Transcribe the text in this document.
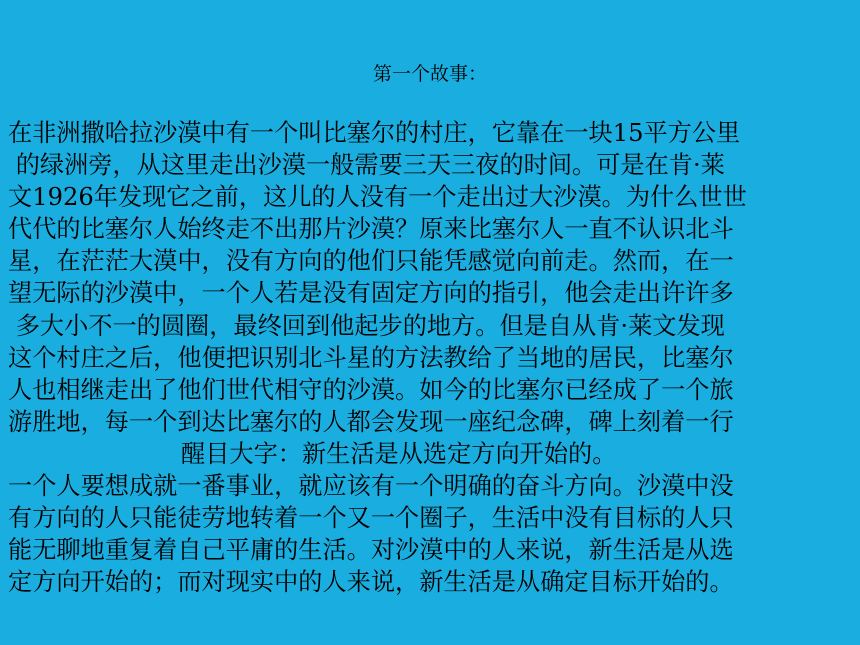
第一个故事：
在非洲撒哈拉沙漠中有一个叫比塞尔的村庄，它靠在一块15平方公里
的绿洲旁，从这里走出沙漠一般需要三天三夜的时间。可是在肯·莱
文1926年发现它之前，这儿的人没有一个走出过大沙漠。为什么世世
代代的比塞尔人始终走不出那片沙漠？原来比塞尔人一直不认识北斗
星，在茫茫大漠中，没有方向的他们只能凭感觉向前走。然而，在一
望无际的沙漠中，一个人若是没有固定方向的指引，他会走出许许多
多大小不一的圆圈，最终回到他起步的地方。但是自从肯·莱文发现
这个村庄之后，他便把识别北斗星的方法教给了当地的居民，比塞尔
人也相继走出了他们世代相守的沙漠。如今的比塞尔已经成了一个旅
游胜地，每一个到达比塞尔的人都会发现一座纪念碑，碑上刻着一行
醒目大字：新生活是从选定方向开始的。
一个人要想成就一番事业，就应该有一个明确的奋斗方向。沙漠中没
有方向的人只能徒劳地转着一个又一个圈子，生活中没有目标的人只
能无聊地重复着自己平庸的生活。对沙漠中的人来说，新生活是从选
定方向开始的；而对现实中的人来说，新生活是从确定目标开始的。
